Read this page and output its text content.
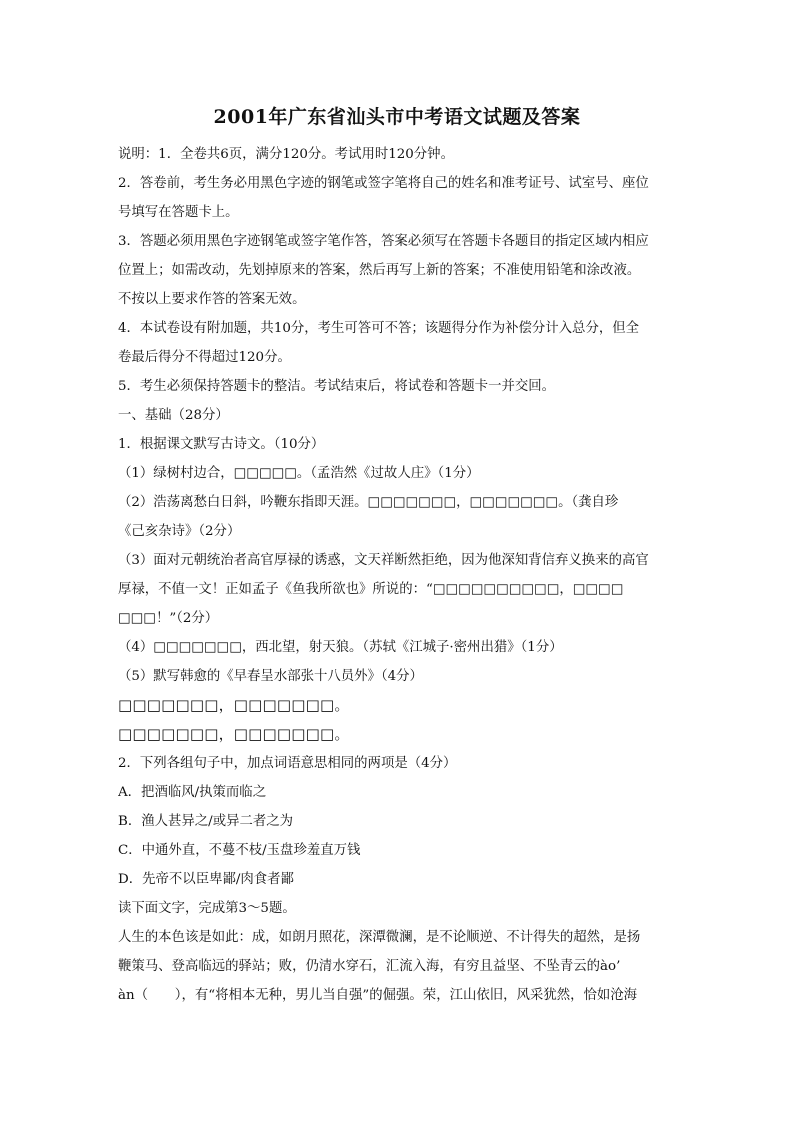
2001年广东省汕头市中考语文试题及答案
说明：1．全卷共6页，满分120分。考试用时120分钟。
2．答卷前，考生务必用黑色字迹的钢笔或签字笔将自己的姓名和准考证号、试室号、座位
号填写在答题卡上。
3．答题必须用黑色字迹钢笔或签字笔作答，答案必须写在答题卡各题目的指定区域内相应
位置上；如需改动，先划掉原来的答案，然后再写上新的答案；不准使用铅笔和涂改液。
不按以上要求作答的答案无效。
4．本试卷设有附加题，共10分，考生可答可不答；该题得分作为补偿分计入总分，但全
卷最后得分不得超过120分。
5．考生必须保持答题卡的整洁。考试结束后，将试卷和答题卡一并交回。
一、基础（28分）
1．根据课文默写古诗文。（10分）
（1）绿树村边合，□□□□□。（孟浩然《过故人庄》（1分）
（2）浩荡离愁白日斜，吟鞭东指即天涯。□□□□□□□，□□□□□□□。（龚自珍
《己亥杂诗》（2分）
（3）面对元朝统治者高官厚禄的诱惑，文天祥断然拒绝，因为他深知背信弃义换来的高官
厚禄，不值一文！正如孟子《鱼我所欲也》所说的：“□□□□□□□□□□，□□□□
□□□！”（2分）
（4）□□□□□□□，西北望，射天狼。（苏轼《江城子·密州出猎》（1分）
（5）默写韩愈的《早春呈水部张十八员外》（4分）
□□□□□□□，□□□□□□□。
□□□□□□□，□□□□□□□。
2．下列各组句子中，加点词语意思相同的两项是（4分）
A．把酒临风/执策而临之
B．渔人甚异之/或异二者之为
C．中通外直，不蔓不枝/玉盘珍羞直万钱
D．先帝不以臣卑鄙/肉食者鄙
读下面文字，完成第3～5题。
人生的本色该是如此：成，如朗月照花，深潭微澜，是不论顺逆、不计得失的超然，是扬
鞭策马、登高临远的驿站；败，仍清水穿石，汇流入海，有穷且益坚、不坠青云的ào’
àn（　　），有“将相本无种，男儿当自强”的倔强。荣，江山依旧，风采犹然，恰如沧海
